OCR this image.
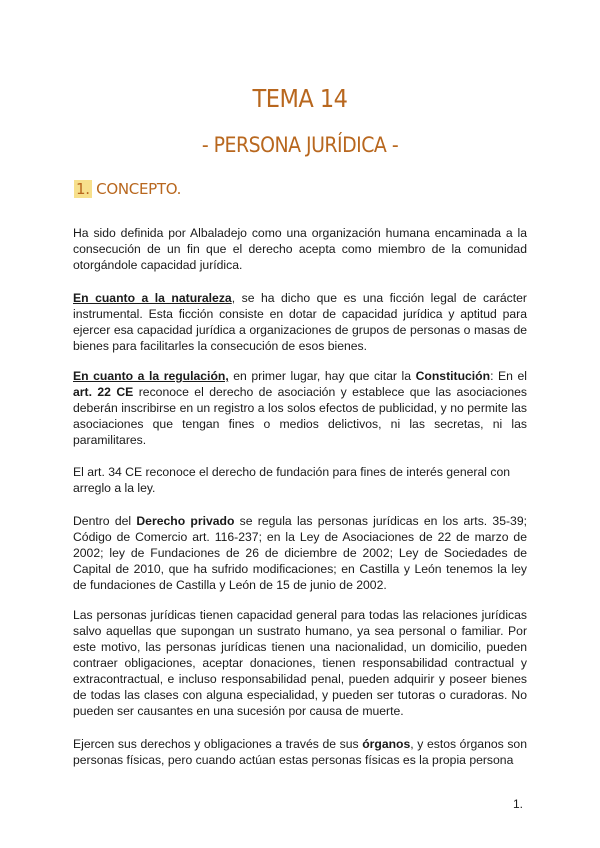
TEMA 14
- PERSONA JURÍDICA -
1. CONCEPTO.

Ha sido definida por Albaladejo como una organización humana encaminada a la consecución de un fin que el derecho acepta como miembro de la comunidad otorgándole capacidad jurídica.

En cuanto a la naturaleza, se ha dicho que es una ficción legal de carácter instrumental. Esta ficción consiste en dotar de capacidad jurídica y aptitud para ejercer esa capacidad jurídica a organizaciones de grupos de personas o masas de bienes para facilitarles la consecución de esos bienes.

En cuanto a la regulación, en primer lugar, hay que citar la Constitución: En el art. 22 CE reconoce el derecho de asociación y establece que las asociaciones deberán inscribirse en un registro a los solos efectos de publicidad, y no permite las asociaciones que tengan fines o medios delictivos, ni las secretas, ni las paramilitares.

El art. 34 CE reconoce el derecho de fundación para fines de interés general con arreglo a la ley.

Dentro del Derecho privado se regula las personas jurídicas en los arts. 35-39; Código de Comercio art. 116-237; en la Ley de Asociaciones de 22 de marzo de 2002; ley de Fundaciones de 26 de diciembre de 2002; Ley de Sociedades de Capital de 2010, que ha sufrido modificaciones; en Castilla y León tenemos la ley de fundaciones de Castilla y León de 15 de junio de 2002.

Las personas jurídicas tienen capacidad general para todas las relaciones jurídicas salvo aquellas que supongan un sustrato humano, ya sea personal o familiar. Por este motivo, las personas jurídicas tienen una nacionalidad, un domicilio, pueden contraer obligaciones, aceptar donaciones, tienen responsabilidad contractual y extracontractual, e incluso responsabilidad penal, pueden adquirir y poseer bienes de todas las clases con alguna especialidad, y pueden ser tutoras o curadoras. No pueden ser causantes en una sucesión por causa de muerte.

Ejercen sus derechos y obligaciones a través de sus órganos, y estos órganos son personas físicas, pero cuando actúan estas personas físicas es la propia persona

1.
